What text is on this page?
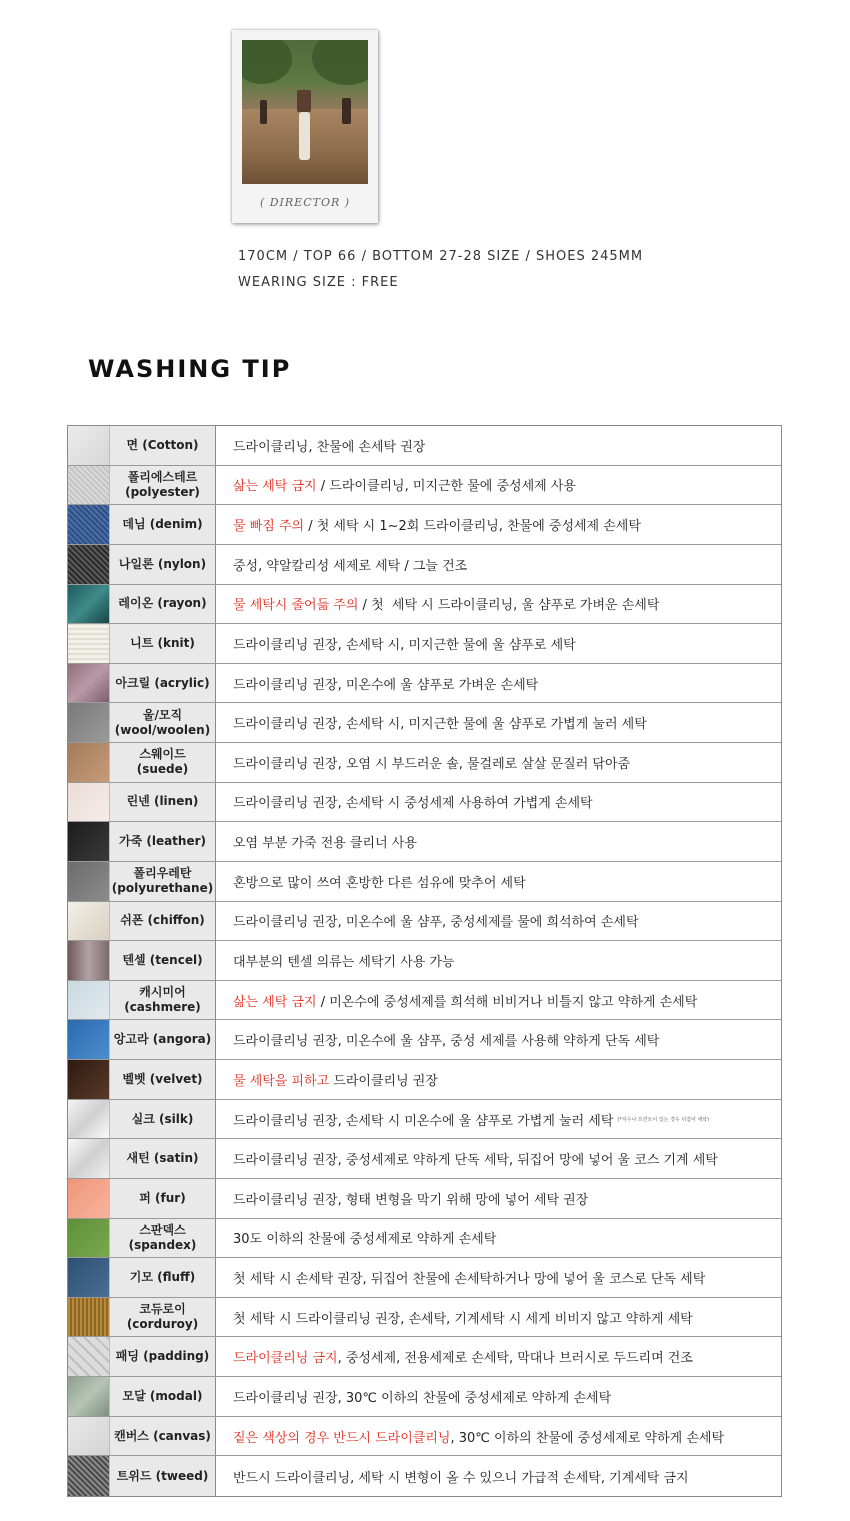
( DIRECTOR )
170CM / TOP 66 / BOTTOM 27-28 SIZE / SHOES 245MM
WEARING SIZE : FREE
WASHING TIP
면 (Cotton)	드라이클리닝, 찬물에 손세탁 권장
폴리에스테르
(polyester)	삶는 세탁 금지 / 드라이클리닝, 미지근한 물에 중성세제 사용
데님 (denim)	물 빠짐 주의 / 첫 세탁 시 1~2회 드라이클리닝, 찬물에 중성세제 손세탁
나일론 (nylon)	중성, 약알칼리성 세제로 세탁 / 그늘 건조
레이온 (rayon)	물 세탁시 줄어듦 주의 / 첫  세탁 시 드라이클리닝, 울 샴푸로 가벼운 손세탁
니트 (knit)	드라이클리닝 권장, 손세탁 시, 미지근한 물에 울 샴푸로 세탁
아크릴 (acrylic)	드라이클리닝 권장, 미온수에 울 샴푸로 가벼운 손세탁
울/모직
(wool/woolen)	드라이클리닝 권장, 손세탁 시, 미지근한 물에 울 샴푸로 가볍게 눌러 세탁
스웨이드
(suede)	드라이클리닝 권장, 오염 시 부드러운 솔, 물걸레로 살살 문질러 닦아줌
린넨 (linen)	드라이클리닝 권장, 손세탁 시 중성세제 사용하여 가볍게 손세탁
가죽 (leather)	오염 부분 가죽 전용 클리너 사용
폴리우레탄
(polyurethane) 혼방으로 많이 쓰여 혼방한 다른 섬유에 맞추어 세탁
쉬폰 (chiffon)	드라이클리닝 권장, 미온수에 울 샴푸, 중성세제를 물에 희석하여 손세탁
텐셀 (tencel)	대부분의 텐셀 의류는 세탁기 사용 가능
캐시미어
(cashmere)	삶는 세탁 금지 / 미온수에 중성세제를 희석해 비비거나 비틀지 않고 약하게 손세탁
앙고라 (angora)	드라이클리닝 권장, 미온수에 울 샴푸, 중성 세제를 사용해 약하게 단독 세탁
벨벳 (velvet)	물 세탁을 피하고 드라이클리닝 권장
실크 (silk)	드라이클리닝 권장, 손세탁 시 미온수에 울 샴푸로 가볍게 눌러 세탁 (*자수나 프린트이 있는 경우 뒤집어 세탁)
새틴 (satin)	드라이클리닝 권장, 중성세제로 약하게 단독 세탁, 뒤집어 망에 넣어 울 코스 기계 세탁
퍼 (fur)	드라이클리닝 권장, 형태 변형을 막기 위해 망에 넣어 세탁 권장
스판덱스
(spandex)	30도 이하의 찬물에 중성세제로 약하게 손세탁
기모 (fluff)	첫 세탁 시 손세탁 권장, 뒤집어 찬물에 손세탁하거나 망에 넣어 울 코스로 단독 세탁
코듀로이
(corduroy)	첫 세탁 시 드라이클리닝 권장, 손세탁, 기계세탁 시 세게 비비지 않고 약하게 세탁
패딩 (padding)	드라이클리닝 금지 , 중성세제, 전용세제로 손세탁, 막대나 브러시로 두드리며 건조
모달 (modal)	드라이클리닝 권장, 30℃ 이하의 찬물에 중성세제로 약하게 손세탁
캔버스 (canvas)	짙은 색상의 경우 반드시 드라이클리닝 , 30℃ 이하의 찬물에 중성세제로 약하게 손세탁
트위드 (tweed)	반드시 드라이클리닝, 세탁 시 변형이 올 수 있으니 가급적 손세탁, 기계세탁 금지
